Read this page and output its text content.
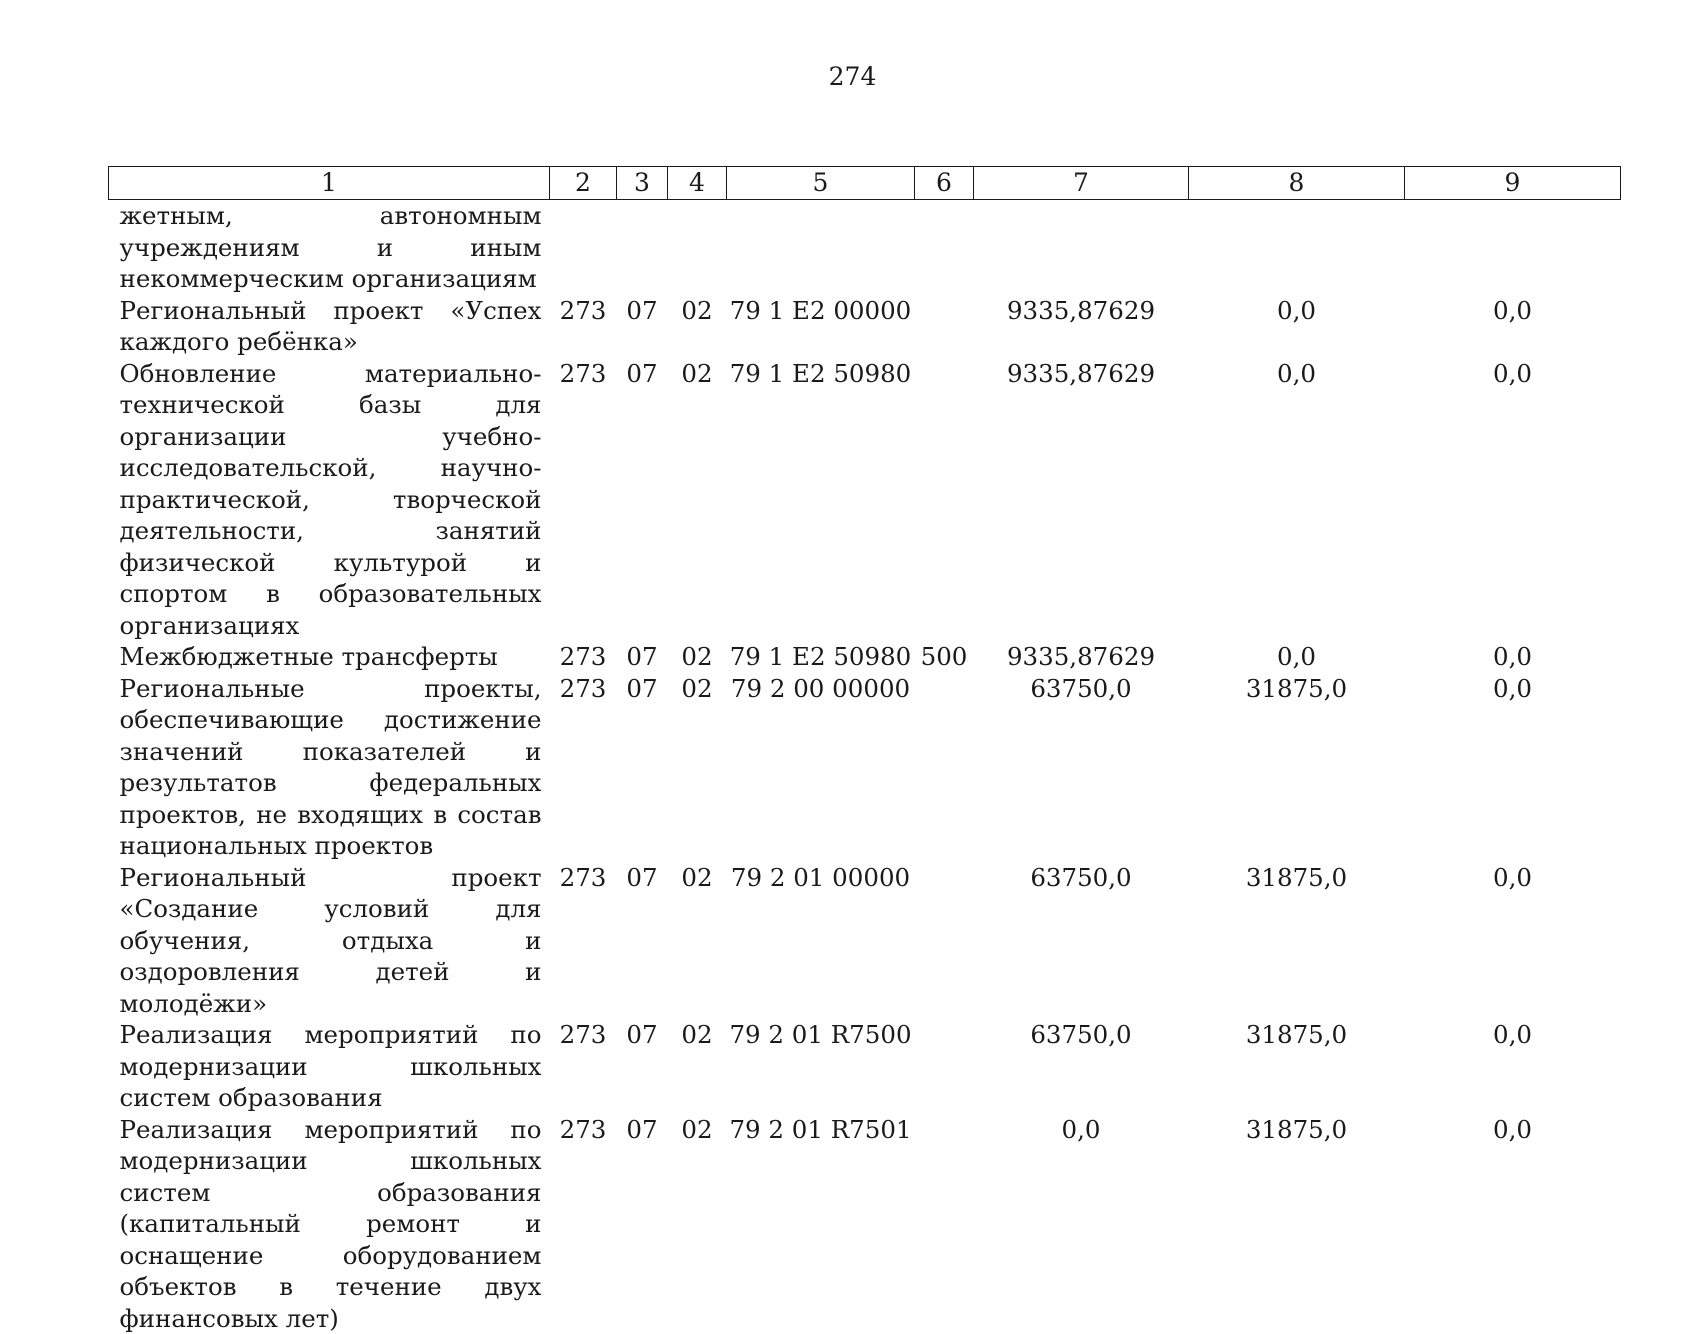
274
1	2	3	4	5	6	7	8	9
жетным, автономным учреждениям и иным некоммерческим организациям								
Региональный проект «Успех каждого ребёнка»	273	07	02	79 1 E2 00000		9335,87629	0,0	0,0
Обновление материально-технической базы для организации учебно-исследовательской, научно-практической, творческой деятельности, занятий физической культурой и спортом в образовательных организациях	273	07	02	79 1 E2 50980		9335,87629	0,0	0,0
Межбюджетные трансферты	273	07	02	79 1 E2 50980	500	9335,87629	0,0	0,0
Региональные проекты, обеспечивающие достижение значений показателей и результатов федеральных проектов, не входящих в состав национальных проектов	273	07	02	79 2 00 00000		63750,0	31875,0	0,0
Региональный проект «Создание условий для обучения, отдыха и оздоровления детей и молодёжи»	273	07	02	79 2 01 00000		63750,0	31875,0	0,0
Реализация мероприятий по модернизации школьных систем образования	273	07	02	79 2 01 R7500		63750,0	31875,0	0,0
Реализация мероприятий по модернизации школьных систем образования (капитальный ремонт и оснащение оборудованием объектов в течение двух финансовых лет)	273	07	02	79 2 01 R7501		0,0	31875,0	0,0
